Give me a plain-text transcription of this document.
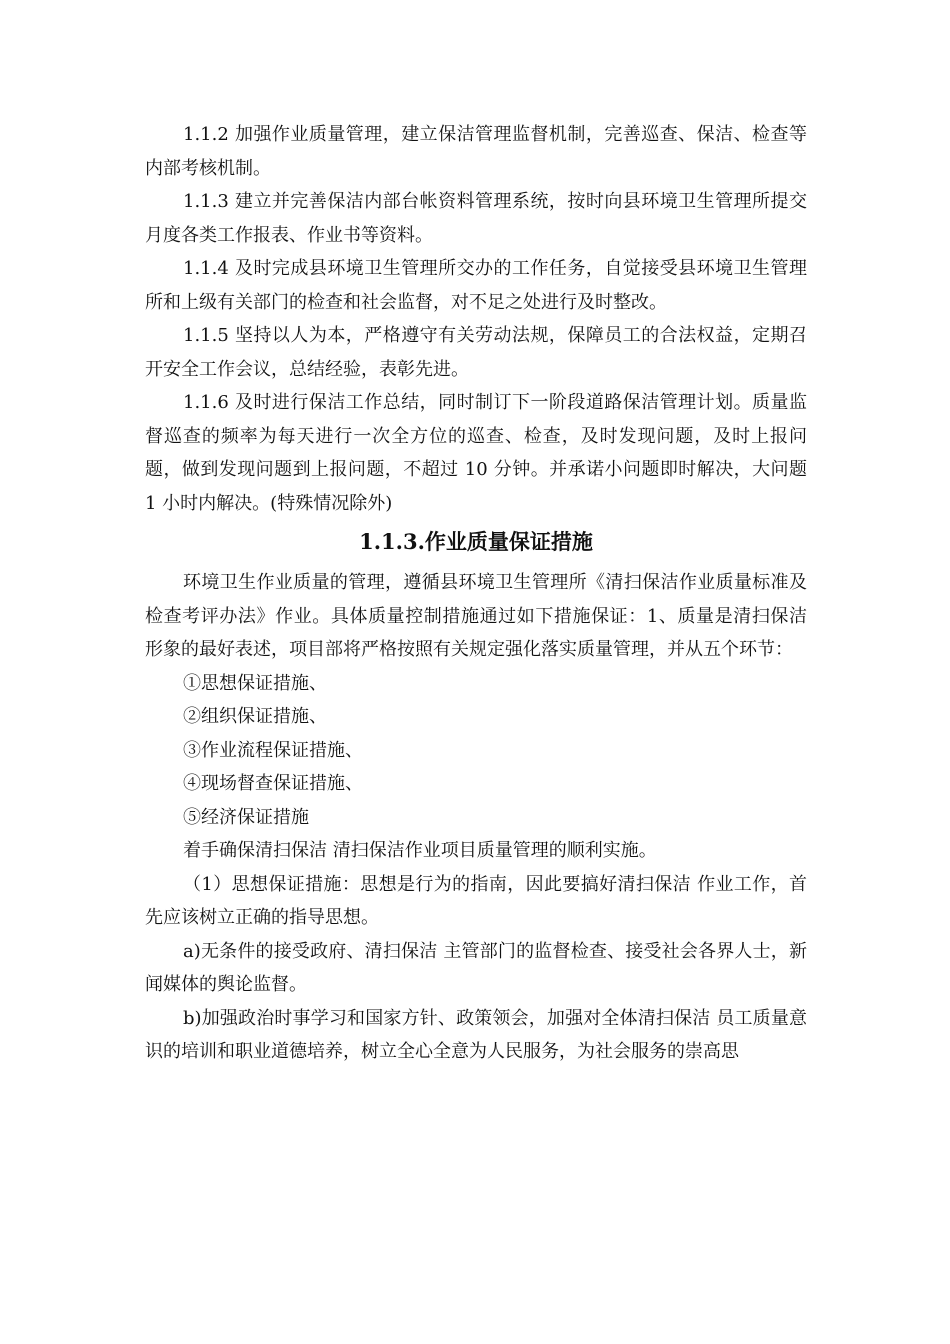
1.1.2 加强作业质量管理，建立保洁管理监督机制，完善巡查、保洁、检查等内部考核机制。

1.1.3 建立并完善保洁内部台帐资料管理系统，按时向县环境卫生管理所提交月度各类工作报表、作业书等资料。

1.1.4 及时完成县环境卫生管理所交办的工作任务，自觉接受县环境卫生管理所和上级有关部门的检查和社会监督，对不足之处进行及时整改。

1.1.5 坚持以人为本，严格遵守有关劳动法规，保障员工的合法权益，定期召开安全工作会议，总结经验，表彰先进。

1.1.6 及时进行保洁工作总结，同时制订下一阶段道路保洁管理计划。质量监督巡查的频率为每天进行一次全方位的巡查、检查，及时发现问题，及时上报问题，做到发现问题到上报问题，不超过 10 分钟。并承诺小问题即时解决，大问题 1 小时内解决。(特殊情况除外)

1.1.3.作业质量保证措施

环境卫生作业质量的管理，遵循县环境卫生管理所《清扫保洁作业质量标准及检查考评办法》作业。具体质量控制措施通过如下措施保证：1、质量是清扫保洁 形象的最好表述，项目部将严格按照有关规定强化落实质量管理，并从五个环节：

①思想保证措施、

②组织保证措施、

③作业流程保证措施、

④现场督查保证措施、

⑤经济保证措施

着手确保清扫保洁 清扫保洁作业项目质量管理的顺利实施。

（1）思想保证措施：思想是行为的指南，因此要搞好清扫保洁 作业工作，首先应该树立正确的指导思想。

a)无条件的接受政府、清扫保洁 主管部门的监督检查、接受社会各界人士，新闻媒体的舆论监督。

b)加强政治时事学习和国家方针、政策领会，加强对全体清扫保洁 员工质量意识的培训和职业道德培养，树立全心全意为人民服务，为社会服务的崇高思
